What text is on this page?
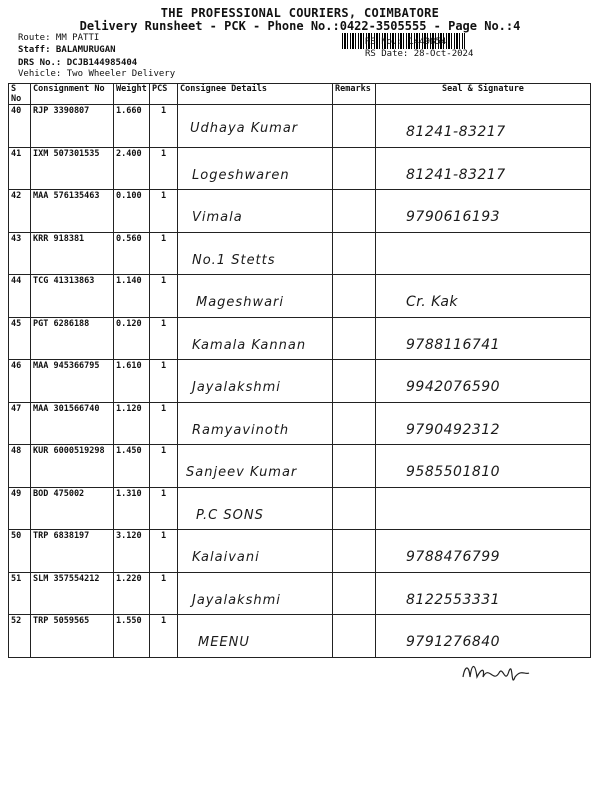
THE PROFESSIONAL COURIERS, COIMBATORE
Delivery Runsheet - PCK - Phone No.:0422-3505555 - Page No.:4
Route: MM PATTI
Staff: BALAMURUGAN
DRS No.: DCJB144985404
Vehicle: Two Wheeler Delivery
RS No.: 1449854
RS Date: 28-Oct-2024
S No	Consignment No	Weight	PCS	Consignee Details	Remarks	Seal & Signature
40	RJP 3390807	1.660	1	Udhaya Kumar		81241-83217

41	IXM 507301535	2.400	1	Logeshwaren		81241-83217

42	MAA 576135463	0.100	1	Vimala		9790616193

43	KRR 918381	0.560	1	No.1 Stetts		

44	TCG 41313863	1.140	1	Mageshwari		Cr. Kak

45	PGT 6286188	0.120	1	Kamala Kannan		9788116741

46	MAA 945366795	1.610	1	Jayalakshmi		9942076590

47	MAA 301566740	1.120	1	Ramyavinoth		9790492312

48	KUR 6000519298	1.450	1	Sanjeev Kumar		9585501810

49	BOD 475002	1.310	1	P.C SONS		

50	TRP 6838197	3.120	1	Kalaivani		9788476799

51	SLM 357554212	1.220	1	Jayalakshmi		8122553331

52	TRP 5059565	1.550	1	MEENU		9791276840
